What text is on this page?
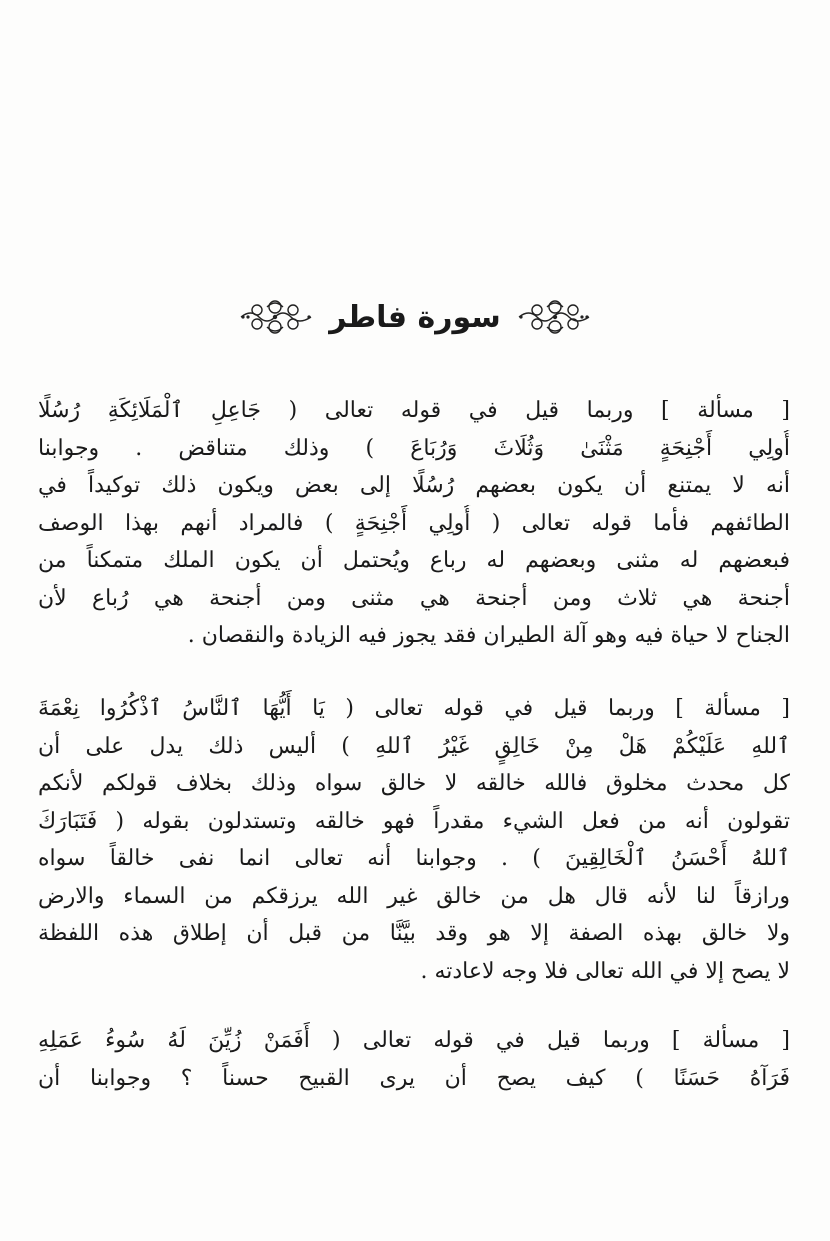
سورة فاطر
[ مسألة ] وربما قيل في قوله تعالى ( جَاعِلِ ٱلْمَلَائِكَةِ رُسُلًا
أُولِي أَجْنِحَةٍ مَثْنَىٰ وَثُلَاثَ وَرُبَاعَ ) وذلك متناقض . وجوابنا
أنه لا يمتنع أن يكون بعضهم رُسُلًا إلى بعض ويكون ذلك توكيداً في
الطائفهم فأما قوله تعالى ( أُولِي أَجْنِحَةٍ ) فالمراد أنهم بهذا الوصف
فبعضهم له مثنى وبعضهم له رباع ويُحتمل أن يكون الملك متمكناً من
أجنحة هي ثلاث ومن أجنحة هي مثنى ومن أجنحة هي رُباع لأن
الجناح لا حياة فيه وهو آلة الطيران فقد يجوز فيه الزيادة والنقصان .
[ مسألة ] وربما قيل في قوله تعالى ( يَا أَيُّهَا ٱلنَّاسُ ٱذْكُرُوا نِعْمَةَ
ٱللهِ عَلَيْكُمْ هَلْ مِنْ خَالِقٍ غَيْرُ ٱللهِ ) أليس ذلك يدل على أن
كل محدث مخلوق فالله خالقه لا خالق سواه وذلك بخلاف قولكم لأنكم
تقولون أنه من فعل الشيء مقدراً فهو خالقه وتستدلون بقوله ( فَتَبَارَكَ
ٱللهُ أَحْسَنُ ٱلْخَالِقِينَ ) . وجوابنا أنه تعالى انما نفى خالقاً سواه
ورازقاً لنا لأنه قال هل من خالق غير الله يرزقكم من السماء والارض
ولا خالق بهذه الصفة إلا هو وقد بيَّنَّا من قبل أن إطلاق هذه اللفظة
لا يصح إلا في الله تعالى فلا وجه لاعادته .
[ مسألة ] وربما قيل في قوله تعالى ( أَفَمَنْ زُيِّنَ لَهُ سُوءُ عَمَلِهِ
فَرَآهُ حَسَنًا ) كيف يصح أن يرى القبيح حسناً ؟ وجوابنا أن
